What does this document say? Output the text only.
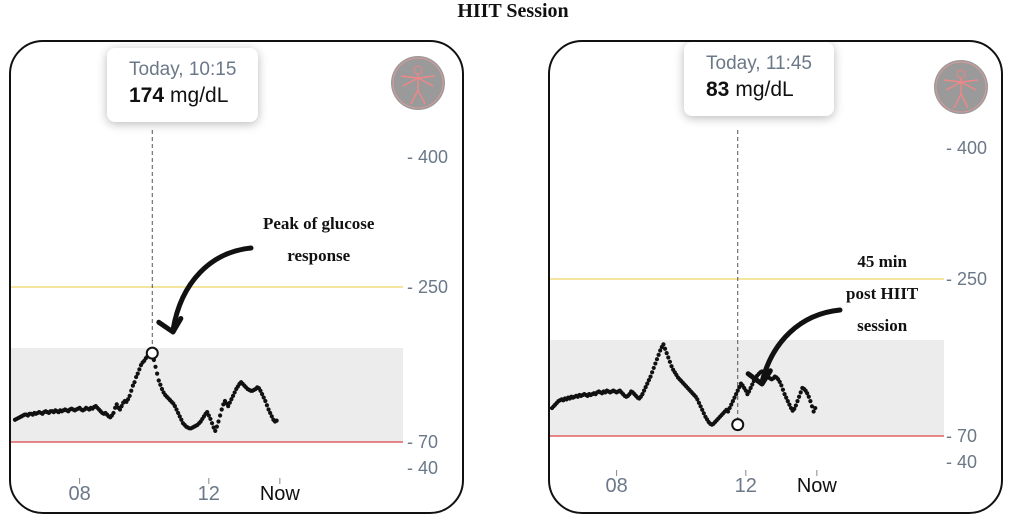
HIIT Session
- 400
- 250
- 70
- 40
08	12 Now
Today, 10:15
174 mg/dL
Peak of glucose
response
- 400
- 250
- 70
- 40
08	12 Now
Today, 11:45
83 mg/dL
45 min
post HIIT
session
